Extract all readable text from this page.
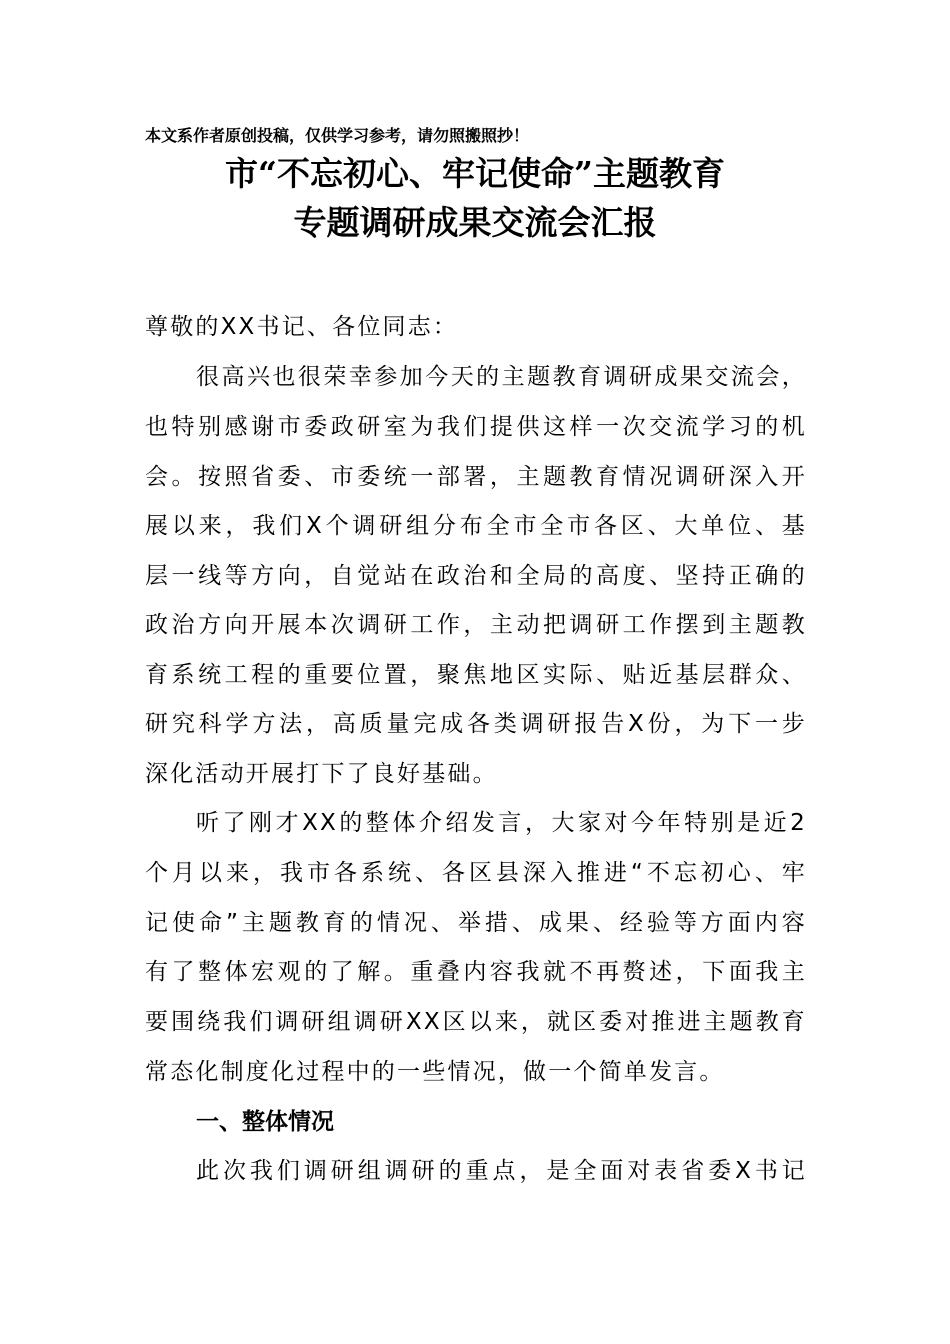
本文系作者原创投稿，仅供学习参考，请勿照搬照抄！
市“不忘初心、牢记使命”主题教育
专题调研成果交流会汇报
尊敬的XX书记、各位同志：
很高兴也很荣幸参加今天的主题教育调研成果交流会，
也特别感谢市委政研室为我们提供这样一次交流学习的机
会。按照省委、市委统一部署，主题教育情况调研深入开
展以来，我们X个调研组分布全市全市各区、大单位、基
层一线等方向，自觉站在政治和全局的高度、坚持正确的
政治方向开展本次调研工作，主动把调研工作摆到主题教
育系统工程的重要位置，聚焦地区实际、贴近基层群众、
研究科学方法，高质量完成各类调研报告X份，为下一步
深化活动开展打下了良好基础。
听了刚才XX的整体介绍发言，大家对今年特别是近2
个月以来，我市各系统、各区县深入推进“不忘初心、牢
记使命”主题教育的情况、举措、成果、经验等方面内容
有了整体宏观的了解。重叠内容我就不再赘述，下面我主
要围绕我们调研组调研XX区以来，就区委对推进主题教育
常态化制度化过程中的一些情况，做一个简单发言。
一、整体情况
此次我们调研组调研的重点，是全面对表省委X书记
